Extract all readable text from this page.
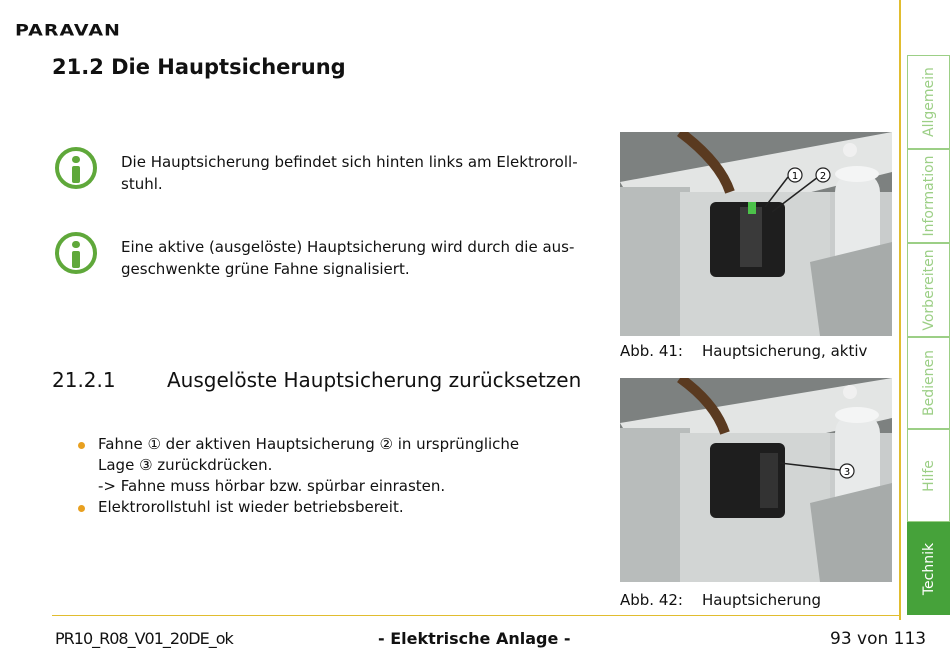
PARAVAN
21.2 Die Hauptsicherung
Die Hauptsicherung befindet sich hinten links am Elektroroll-stuhl.
Eine aktive (ausgelöste) Hauptsicherung wird durch die aus-geschwenkte grüne Fahne signalisiert.
21.2.1	Ausgelöste Hauptsicherung zurücksetzen
Fahne ① der aktiven Hauptsicherung ② in ursprüngliche
Lage ③ zurückdrücken.
-> Fahne muss hörbar bzw. spürbar einrasten.
Elektrorollstuhl ist wieder betriebsbereit.
1 2
Abb. 41: Hauptsicherung, aktiv
3
Abb. 42: Hauptsicherung
PR10_R08_V01_20DE_ok	- Elektrische Anlage -	93 von 113
Allgemein
Information
Vorbereiten
Bedienen
Hilfe
Technik
